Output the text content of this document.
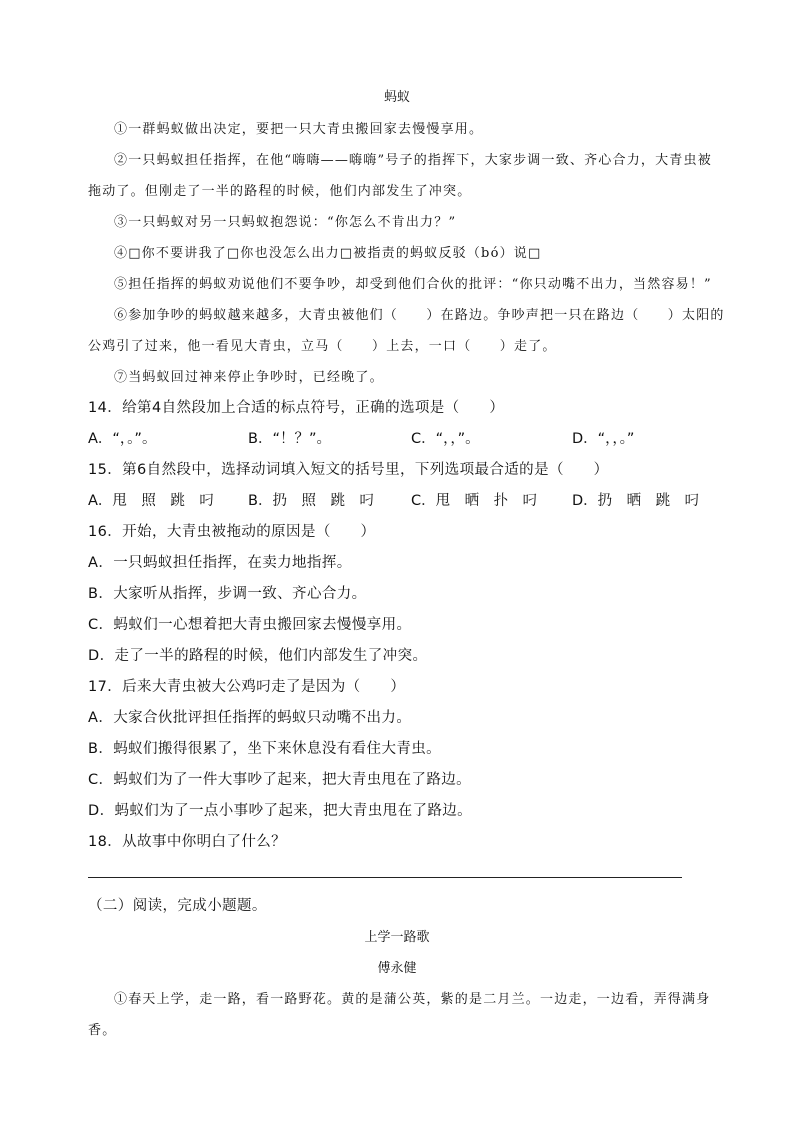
蚂蚁
①一群蚂蚁做出决定，要把一只大青虫搬回家去慢慢享用。
②一只蚂蚁担任指挥，在他“嗨嗨——嗨嗨”号子的指挥下，大家步调一致、齐心合力，大青虫被
拖动了。但刚走了一半的路程的时候，他们内部发生了冲突。
③一只蚂蚁对另一只蚂蚁抱怨说：“你怎么不肯出力？”
④□你不要讲我了□你也没怎么出力□被指责的蚂蚁反驳（bó）说□
⑤担任指挥的蚂蚁劝说他们不要争吵，却受到他们合伙的批评：“你只动嘴不出力，当然容易！”
⑥参加争吵的蚂蚁越来越多，大青虫被他们（　　）在路边。争吵声把一只在路边（　　）太阳的
公鸡引了过来，他一看见大青虫，立马（　　）上去，一口（　　）走了。
⑦当蚂蚁回过神来停止争吵时，已经晚了。
14．给第4自然段加上合适的标点符号，正确的选项是（　　）
A．“，。”。	B．“！？”。	C．“，，”。	D．“，，。”
15．第6自然段中，选择动词填入短文的括号里，下列选项最合适的是（　　）
A．甩　照　跳　叼 B．扔　照　跳　叼	C．甩　晒　扑　叼 D．扔　晒　跳　叼
16．开始，大青虫被拖动的原因是（　　）
A．一只蚂蚁担任指挥，在卖力地指挥。
B．大家听从指挥，步调一致、齐心合力。
C．蚂蚁们一心想着把大青虫搬回家去慢慢享用。
D．走了一半的路程的时候，他们内部发生了冲突。
17．后来大青虫被大公鸡叼走了是因为（　　）
A．大家合伙批评担任指挥的蚂蚁只动嘴不出力。
B．蚂蚁们搬得很累了，坐下来休息没有看住大青虫。
C．蚂蚁们为了一件大事吵了起来，把大青虫甩在了路边。
D．蚂蚁们为了一点小事吵了起来，把大青虫甩在了路边。
18．从故事中你明白了什么？
（二）阅读，完成小题题。
上学一路歌
傅永健
①春天上学，走一路，看一路野花。黄的是蒲公英，紫的是二月兰。一边走，一边看，弄得满身
香。
